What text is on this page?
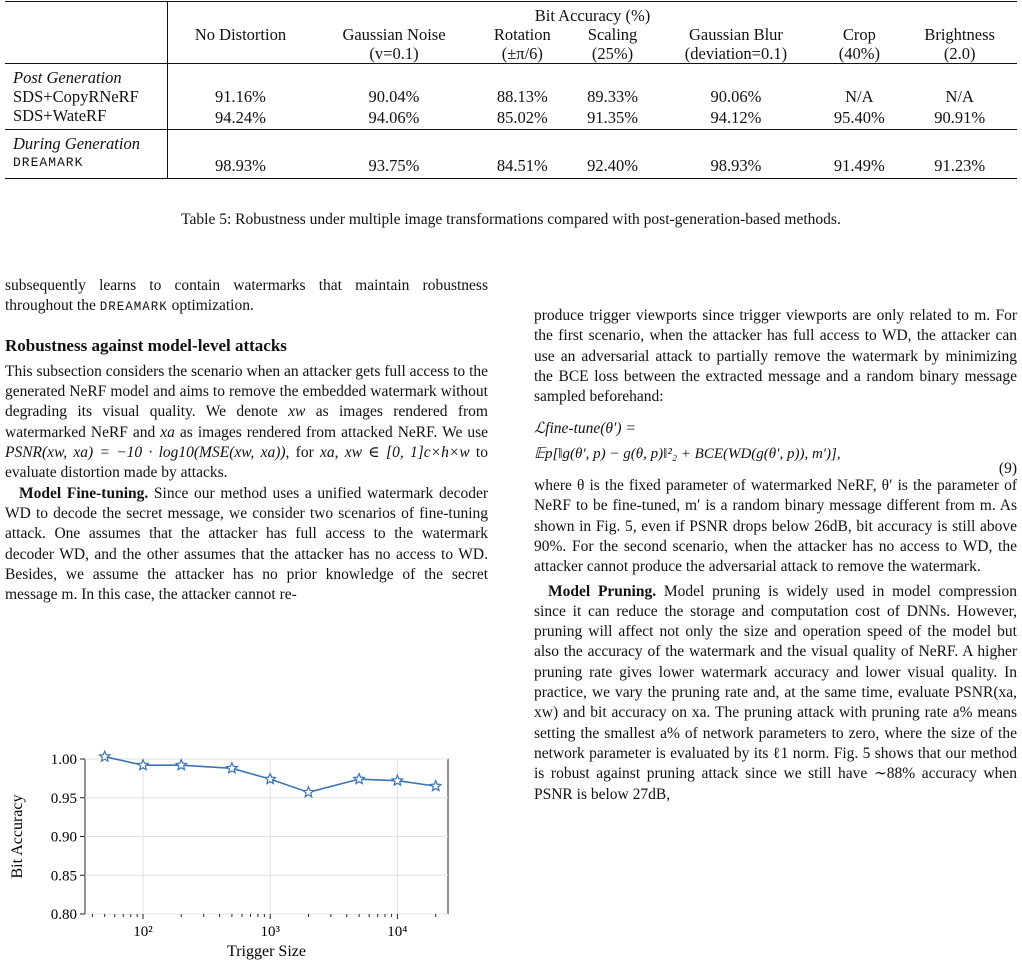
	Bit Accuracy (%)						
	No Distortion	Gaussian Noise	Rotation	Scaling	Gaussian Blur	Crop	Brightness
		(v=0.1)	(±π/6)	(25%)	(deviation=0.1)	(40%)	(2.0)
Post Generation							
SDS+CopyRNeRF	91.16%	90.04%	88.13%	89.33%	90.06%	N/A	N/A
SDS+WateRF	94.24%	94.06%	85.02%	91.35%	94.12%	95.40%	90.91%
During Generation							
DREAMARK	98.93%	93.75%	84.51%	92.40%	98.93%	91.49%	91.23%
Table 5: Robustness under multiple image transformations compared with post-generation-based methods.

subsequently learns to contain watermarks that maintain robustness throughout the DREAMARK optimization.

Robustness against model-level attacks

This subsection considers the scenario when an attacker gets full access to the generated NeRF model and aims to remove the embedded watermark without degrading its visual quality. We denote xw as images rendered from watermarked NeRF and xa as images rendered from attacked NeRF. We use PSNR(xw, xa) = −10 · log10(MSE(xw, xa)), for xa, xw ∈ [0, 1]c×h×w to evaluate distortion made by attacks.

Model Fine-tuning. Since our method uses a unified watermark decoder WD to decode the secret message, we consider two scenarios of fine-tuning attack. One assumes that the attacker has full access to the watermark decoder WD, and the other assumes that the attacker has no access to WD. Besides, we assume the attacker has no prior knowledge of the secret message m. In this case, the attacker cannot re-

0.80
0.85
0.90
0.95
1.00
10²	10³	10⁴
Bit Accuracy
Trigger Size

produce trigger viewports since trigger viewports are only related to m. For the first scenario, when the attacker has full access to WD, the attacker can use an adversarial attack to partially remove the watermark by minimizing the BCE loss between the extracted message and a random binary message sampled beforehand:

ℒfine-tune(θ′) =
𝔼p[‖g(θ′, p) − g(θ, p)‖²₂ + BCE(WD(g(θ′, p)), m′)],
(9)

where θ is the fixed parameter of watermarked NeRF, θ′ is the parameter of NeRF to be fine-tuned, m′ is a random binary message different from m. As shown in Fig. 5, even if PSNR drops below 26dB, bit accuracy is still above 90%. For the second scenario, when the attacker has no access to WD, the attacker cannot produce the adversarial attack to remove the watermark.

Model Pruning. Model pruning is widely used in model compression since it can reduce the storage and computation cost of DNNs. However, pruning will affect not only the size and operation speed of the model but also the accuracy of the watermark and the visual quality of NeRF. A higher pruning rate gives lower watermark accuracy and lower visual quality. In practice, we vary the pruning rate and, at the same time, evaluate PSNR(xa, xw) and bit accuracy on xa. The pruning attack with pruning rate a% means setting the smallest a% of network parameters to zero, where the size of the network parameter is evaluated by its ℓ1 norm. Fig. 5 shows that our method is robust against pruning attack since we still have ∼88% accuracy when PSNR is below 27dB,
